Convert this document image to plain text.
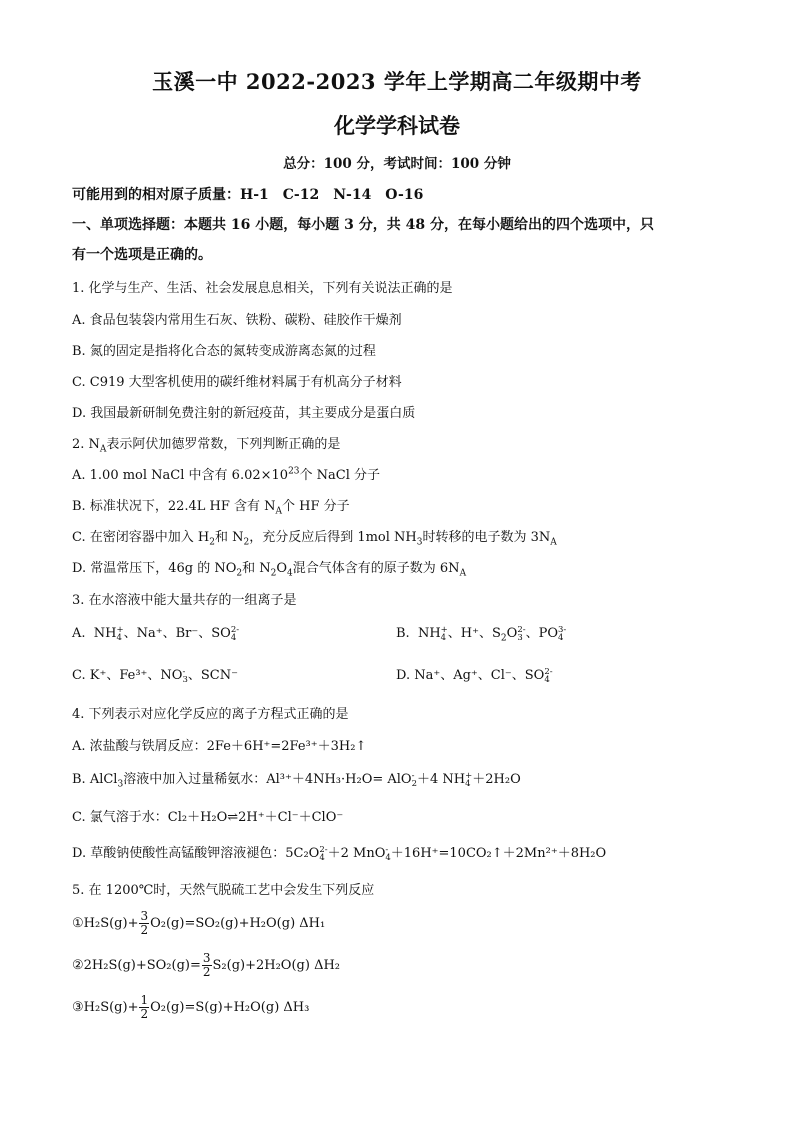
玉溪一中 2022-2023 学年上学期高二年级期中考
化学学科试卷
总分：100 分，考试时间：100 分钟
可能用到的相对原子质量：H-1　C-12　N-14　O-16
一、单项选择题：本题共 16 小题，每小题 3 分，共 48 分，在每小题给出的四个选项中，只
有一个选项是正确的。
1. 化学与生产、生活、社会发展息息相关，下列有关说法正确的是
A. 食品包装袋内常用生石灰、铁粉、碳粉、硅胶作干燥剂
B. 氮的固定是指将化合态的氮转变成游离态氮的过程
C. C919 大型客机使用的碳纤维材料属于有机高分子材料
D. 我国最新研制免费注射的新冠疫苗，其主要成分是蛋白质
2. $N_A$表示阿伏加德罗常数，下列判断正确的是
A. 1.00 mol NaCl 中含有 $6.02\times 10^{23}$个 NaCl 分子
B. 标准状况下，22.4L HF 含有 $N_A$个 HF 分子
C. 在密闭容器中加入 $H_2$和 $N_2$，充分反应后得到 1mol $NH_3$时转移的电子数为 $3N_A$
D. 常温常压下，46g 的 $NO_2$和 $N_2O_4$混合气体含有的原子数为 $6N_A$
3. 在水溶液中能大量共存的一组离子是
A. NH +
4 、Na⁺、Br⁻、SO 2-
4	B. NH +
4 、H⁺、$S_2O$ 2-
3 、PO 3-
4
C. K⁺、Fe³⁺、NO -
3 、SCN⁻	D. Na⁺、Ag⁺、Cl⁻、SO 2-
4
4. 下列表示对应化学反应的离子方程式正确的是
A. 浓盐酸与铁屑反应：2Fe＋6H⁺=2Fe³⁺＋3H₂↑
B. AlCl$_3$溶液中加入过量稀氨水：Al³⁺＋4NH₃·H₂O= AlO -
2 ＋4 NH +
4 ＋2H₂O
C. 氯气溶于水：Cl₂＋H₂O⇌2H⁺＋Cl⁻＋ClO⁻
D. 草酸钠使酸性高锰酸钾溶液褪色：5C₂O 2-
4 ＋2 MnO -
4 ＋16H⁺=10CO₂↑＋2Mn²⁺＋8H₂O
5. 在 1200℃时，天然气脱硫工艺中会发生下列反应
①H₂S(g)+ $\frac{3}{2} O_2(g)=SO_2(g)+H_2O(g)$ ΔH₁
②2H₂S(g)+SO₂(g)= $\frac{3}{2} S_2(g)+2H_2O(g)$ ΔH₂
③H₂S(g)+ $\frac{1}{2} O_2(g)=S(g)+H_2O(g)$ ΔH₃
